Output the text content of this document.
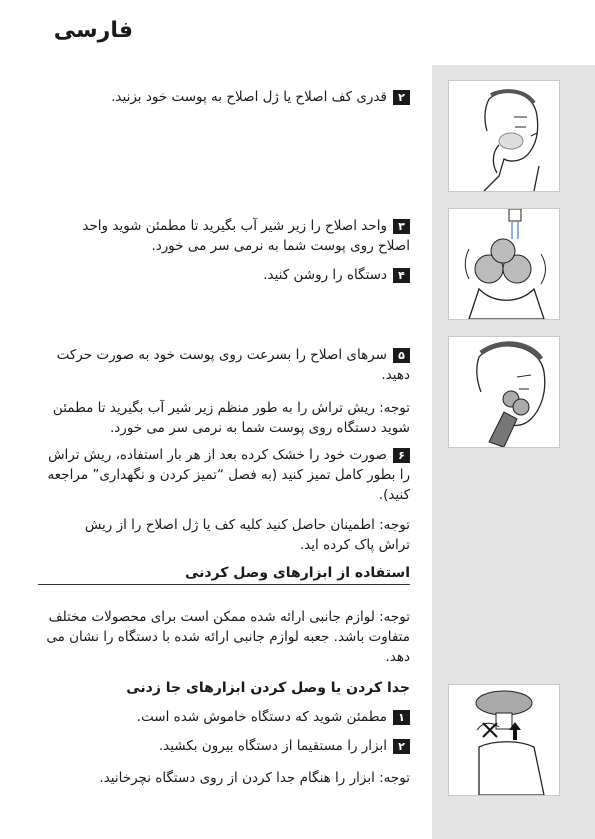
فارسی
۲قدری کف اصلاح یا ژل اصلاح به پوست خود بزنید.
۳واحد اصلاح را زیر شیر آب بگیرید تا مطمئن شوید واحد اصلاح روی پوست شما به نرمی سر می خورد.
۴دستگاه را روشن کنید.
۵سرهای اصلاح را بسرعت روی پوست خود به صورت حرکت دهید.
توجه: ریش تراش را به طور منظم زیر شیر آب بگیرید تا مطمئن شوید دستگاه روی پوست شما به نرمی سر می خورد.
۶صورت خود را خشک کرده بعد از هر بار استفاده، ریش تراش را بطور کامل تمیز کنید (به فصل “تمیز کردن و نگهداری” مراجعه کنید).
توجه: اطمینان حاصل کنید کلیه کف یا ژل اصلاح را از ریش تراش پاک کرده اید.
استفاده از ابزارهای وصل کردنی
توجه: لوازم جانبی ارائه شده ممکن است برای محصولات مختلف متفاوت باشد. جعبه لوازم جانبی ارائه شده با دستگاه را نشان می دهد.
جدا کردن یا وصل کردن ابزارهای جا زدنی
۱مطمئن شوید که دستگاه خاموش شده است.
۲ابزار را مستقیما از دستگاه بیرون بکشید.
توجه: ابزار را هنگام جدا کردن از روی دستگاه نچرخانید.
